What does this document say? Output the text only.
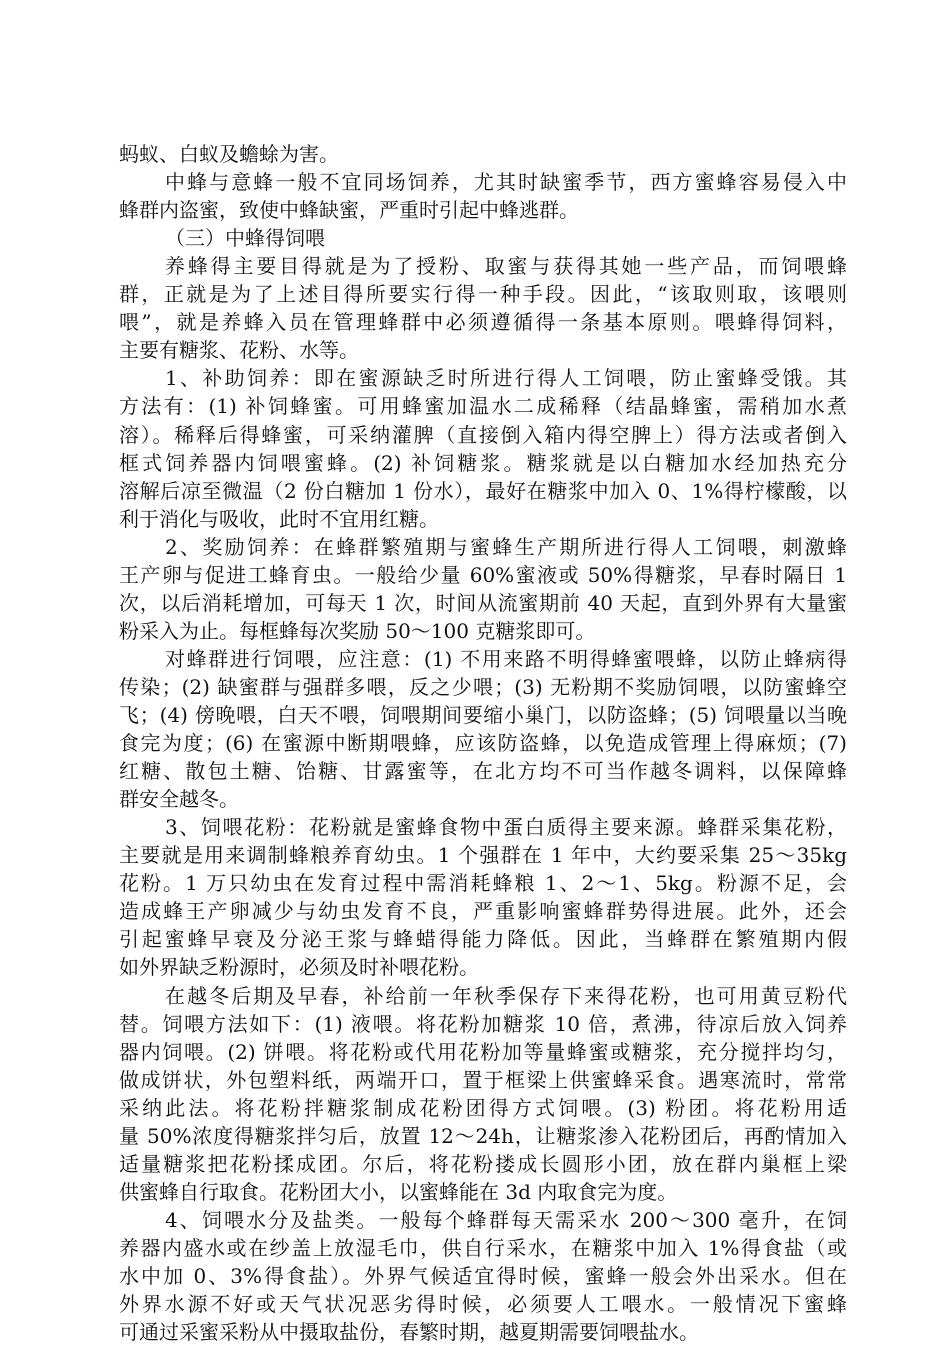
蚂蚁、白蚁及蟾蜍为害。
中蜂与意蜂一般不宜同场饲养，尤其时缺蜜季节，西方蜜蜂容易侵入中
蜂群内盗蜜，致使中蜂缺蜜，严重时引起中蜂逃群。
（三）中蜂得饲喂
养蜂得主要目得就是为了授粉、取蜜与获得其她一些产品，而饲喂蜂
群，正就是为了上述目得所要实行得一种手段。因此，“该取则取，该喂则
喂”，就是养蜂入员在管理蜂群中必须遵循得一条基本原则。喂蜂得饲料，
主要有糖浆、花粉、水等。
1、补助饲养：即在蜜源缺乏时所进行得人工饲喂，防止蜜蜂受饿。其
方法有：(1) 补饲蜂蜜。可用蜂蜜加温水二成稀释（结晶蜂蜜，需稍加水煮
溶）。稀释后得蜂蜜，可采纳灌脾（直接倒入箱内得空脾上）得方法或者倒入
框式饲养器内饲喂蜜蜂。(2) 补饲糖浆。糖浆就是以白糖加水经加热充分
溶解后凉至微温（2 份白糖加 1 份水），最好在糖浆中加入 0、1%得柠檬酸，以
利于消化与吸收，此时不宜用红糖。
2、奖励饲养：在蜂群繁殖期与蜜蜂生产期所进行得人工饲喂，刺激蜂
王产卵与促进工蜂育虫。一般给少量 60%蜜液或 50%得糖浆，早春时隔日 1
次，以后消耗增加，可每天 1 次，时间从流蜜期前 40 天起，直到外界有大量蜜
粉采入为止。每框蜂每次奖励 50～100 克糖浆即可。
对蜂群进行饲喂，应注意：(1) 不用来路不明得蜂蜜喂蜂，以防止蜂病得
传染；(2) 缺蜜群与强群多喂，反之少喂；(3) 无粉期不奖励饲喂，以防蜜蜂空
飞；(4) 傍晚喂，白天不喂，饲喂期间要缩小巢门，以防盗蜂；(5) 饲喂量以当晚
食完为度；(6) 在蜜源中断期喂蜂，应该防盗蜂，以免造成管理上得麻烦；(7)
红糖、散包土糖、饴糖、甘露蜜等，在北方均不可当作越冬调料，以保障蜂
群安全越冬。
3、饲喂花粉：花粉就是蜜蜂食物中蛋白质得主要来源。蜂群采集花粉，
主要就是用来调制蜂粮养育幼虫。1 个强群在 1 年中，大约要采集 25～35kg
花粉。1 万只幼虫在发育过程中需消耗蜂粮 1、2～1、5kg。粉源不足，会
造成蜂王产卵减少与幼虫发育不良，严重影响蜜蜂群势得进展。此外，还会
引起蜜蜂早衰及分泌王浆与蜂蜡得能力降低。因此，当蜂群在繁殖期内假
如外界缺乏粉源时，必须及时补喂花粉。
在越冬后期及早春，补给前一年秋季保存下来得花粉，也可用黄豆粉代
替。饲喂方法如下：(1) 液喂。将花粉加糖浆 10 倍，煮沸，待凉后放入饲养
器内饲喂。(2) 饼喂。将花粉或代用花粉加等量蜂蜜或糖浆，充分搅拌均匀，
做成饼状，外包塑料纸，两端开口，置于框梁上供蜜蜂采食。遇寒流时，常常
采纳此法。将花粉拌糖浆制成花粉团得方式饲喂。(3) 粉团。将花粉用适
量 50%浓度得糖浆拌匀后，放置 12～24h，让糖浆渗入花粉团后，再酌情加入
适量糖浆把花粉揉成团。尔后，将花粉搂成长圆形小团，放在群内巢框上梁
供蜜蜂自行取食。花粉团大小，以蜜蜂能在 3d 内取食完为度。
4、饲喂水分及盐类。一般每个蜂群每天需采水 200～300 毫升，在饲
养器内盛水或在纱盖上放湿毛巾，供自行采水，在糖浆中加入 1%得食盐（或
水中加 0、3%得食盐）。外界气候适宜得时候，蜜蜂一般会外出采水。但在
外界水源不好或天气状况恶劣得时候，必须要人工喂水。一般情况下蜜蜂
可通过采蜜采粉从中摄取盐份，春繁时期，越夏期需要饲喂盐水。
